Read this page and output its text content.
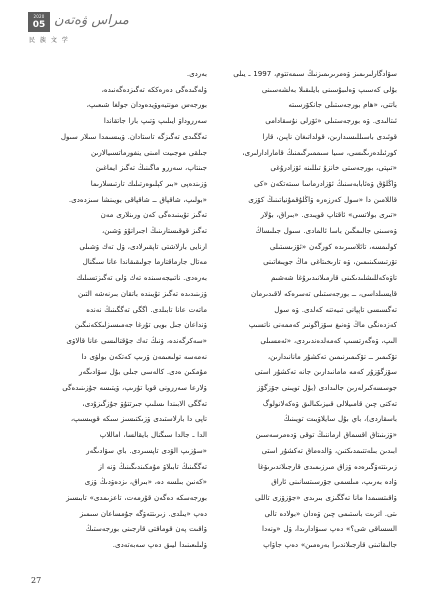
2020
05 مىراس ۋەتەن
民 族 文 学
سۋادگارلىرىمىز ۋەمرىرىمىزنىڭ سىمەتتوم، 1997 ـ يىلى
بۇلى كەسىپ ۋەلىبۇسىنى بايلىقىلا بەلشەسىنى
باتتى، «ھام بورجەستىلى جانكۆرسىتە
ئىتالىدى. ۋە بورجەستىلى «ئۆرلى نۇسقادامى
قوئىدى باسىللىسىدارىن، قولداتىغان ناپىن، قارا
كورئىلدەرىگىسى، سىيا سىممىرگىمنىڭ قامارادارلىرى،
«تىپتى، بورجەستى خانزۇ تىللىنە ئۆزادرۇغى
ۋاڭلۇق ۋەئابابەسنىڭ ئۆزادرماسا سىتەتكەن «كى
قاللامىن دا «سول كەرزەرە ۋاڭلۇقمۇنياتىنىڭ كۆزى
«تىرى بولاتسى» ئاقتاپ قويىدى. «بىراق، بۇلار
ۋەسىنى جالىمگىن باسا ئالمادى. سىول جىلىساڭ
كولىمسە، تائلاسىرىدە كورگەن «ئۆزىسىتىلى
تۆرتىسكىنىمىن، ۋە تارىخىتاغى ماڭ جويىغاتىنى
تاۋەكەللىشلىدىكىنى قارمىلانىدىرۇغا شەشىم
قايسىلداسى، ــ بورجەستىلى تەسرەكە لاقىدىرمان
تەگسىسى تاپپانى تىيەتنە كەلدى. ۋە سول
كەزدەنگى ماڭ ۋەنىغ سۆزاگونىر كەممەنى ناتسىپ
الىپ، ۋەگەرتسىپ كەمەلدەندىردى، «ئەمسىلى
تۆكىمىر ــ تۆكىمىرنىمىن تەكشۇر مانانىدارىن،
سۆزگۆزۇر كەمە مامانىدارىن جانە تەكشۇر استى
جوسسەكىرلەرىن جالىدادى (بۇل تويىنى جۆزگۆز
تەكتى چىن قامىيلالى قىيزىكىالىق ۋەكەلانولوگ
باسقاردى)، باي بۇل سايلاۋيىت تويىنىڭ
«ۋزىنىتاق اقسماق ارماننىڭ توقى ۋدەمرسەسىن
ابىدىن بىلەتتىمدىكتىن، ۋالدەماق تەكشۇر استى
زىرىتتەۋگىرەدە ۋزاق مىرزىمىدى قارجىلاندىرىۋغا
ۋادە بەرىپ، مىلسمى جۆرسىتسانىنى ئاراق
ۋاقىتسىمدا مانا تەگگىزى بىرىدى «جۆزۆزى تاللى
ىتى. اترىت باستىمى چىن ۋەدان «بولادە تالى
السساقى شى؟» دەپ سىۋادارىدا، ۋل «ونەدا
جالىقاتىنى قارجىلاندىرا بەرەمىن» دەپ جاۋاپ
بەردى.
ۋلەگىدەگى دەرەككە تەگىزدەگەنىدە،
بورجەس مونتيەوۋيدەودان جولغا شىعىپ،
سەرروداۋ ايىلىپ ۋتىپ بارا جاتقاندا
تەگگىدى تەگىزگە تاستادان. ۋيىسىمدا سىلار سىول
جىلقى موجىيت امىنى ينفورماتسىيالارىن
جىنتاپ، سەررو ماگىنىڭ تەگىز ايماغىن
ۋزىندەپى «بىر كېلىوەرتىلىك تارتىسلارىما
«بولىپ، شاقپاق ــ شاقپاقى بويىنشا سىزدەدى.
تەگىز تۇيىنىدەگى كەن ورىنلارى مەن
تەگىز قوقىستارىنىڭ اجىراتۇۋ ۋشىن،
ارنايى بارلاشتى تاپقىرلادى، ۋل تەك ۋشىلى
مەتال جارماقتارما جولىقىقاندا عانا سىگنال
بەرەدى. ناتىيجەسىندە تەك ۋلى تەگىزتسىلىك
ۋزىنىدىدە تەگىز تۇيىندە باتقان بىرنەشە التىن
ماتەت عانا تابىلدى. اگگى تەگگىنىڭ نەندە
ۋنداعان جىل بويى تۇرغا جەمىسىزلىككەنىگىن
«سەكرگەندە، ۋنىڭ تەك جۇقتالىسى عانا قالاۋى
نەمەسە تولىعىمەن ۋرىپ كەتكەن بولۋى دا
مۇمكىن ەدى. كالەسى جىلى بۇل سۋادىگەر
ۋلارعا سەررونى قويا تۇرىپ، ۋيتىسە جۇزىنىدەگى
تەگگى الابىندا ىسلىپ جىرتتۇۋ جۇزگىزۇدى،
تاپى دا بارلاستىدى ۋزىكتىسىز سىكە قويىسىپ،
الدا ـ جالدا سىگنال بايقالسا، اماللاپ
«سۇزىپ الۋدى تاپسىردى. باي سۋادىگەر
تەگگىنىڭ تابىلاۋ مۇمكىندىگىنىڭ ۋنە از
«كەنىن بىلسە دە، «بىراق، ىزدەۋدىڭ ۋزى
بورجەسكە دەگەن قۇرمەت، تاعزىمدى» تابىسىز
دەپ «يىلدى. زىرىتتەۋگە جۇمساعان سىمىز
ۋاقىت پەن قوماقتى قارجىنى بورجەستىڭ
ۋلىلىعىنىدا ليىق دەپ سەبەتەدى.
27
